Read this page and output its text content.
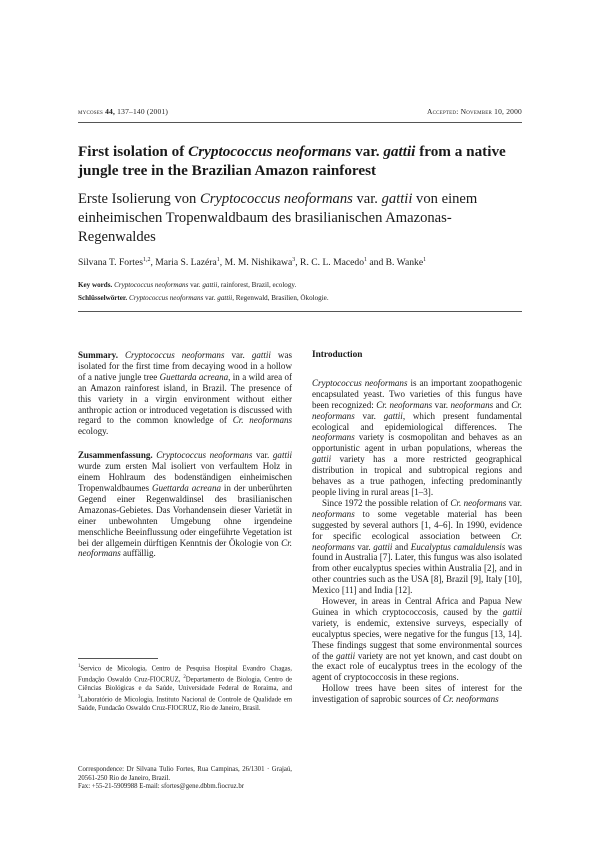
mycoses 44, 137–140 (2001)	Accepted: November 10, 2000
First isolation of Cryptococcus neoformans var. gattii from a native jungle tree in the Brazilian Amazon rainforest
Erste Isolierung von Cryptococcus neoformans var. gattii von einem einheimischen Tropenwaldbaum des brasilianischen Amazonas-Regenwaldes
Silvana T. Fortes$^{1,2}$, Maria S. Lazéra$^1$, M. M. Nishikawa$^3$, R. C. L. Macedo$^1$ and B. Wanke$^1$
Key words. Cryptococcus neoformans var. gattii, rainforest, Brazil, ecology.
Schlüsselwörter. Cryptococcus neoformans var. gattii, Regenwald, Brasilien, Ökologie.

Summary. Cryptococcus neoformans var. gattii was isolated for the first time from decaying wood in a hollow of a native jungle tree Guettarda acreana, in a wild area of an Amazon rainforest island, in Brazil. The presence of this variety in a virgin environment without either anthropic action or introduced vegetation is discussed with regard to the common knowledge of Cr. neoformans ecology.

Zusammenfassung. Cryptococcus neoformans var. gattii wurde zum ersten Mal isoliert von verfaultem Holz in einem Hohlraum des bodenständigen einheimischen Tropenwaldbaumes Guettarda acreana in der unberührten Gegend einer Regenwaldinsel des brasilianischen Amazonas-Gebietes. Das Vorhandensein dieser Varietät in einer unbewohnten Umgebung ohne irgendeine menschliche Beeinflussung oder eingeführte Vegetation ist bei der allgemein dürftigen Kenntnis der Ökologie von Cr. neoformans auffällig.

$^1$Servico de Micologia, Centro de Pesquisa Hospital Evandro Chagas, Fundação Oswaldo Cruz-FIOCRUZ, $^2$Departamento de Biologia, Centro de Ciências Biológicas e da Saúde, Universidade Federal de Roraima, and $^3$Laboratório de Micologia, Instituto Nacional de Controle de Qualidade em Saúde, Fundacão Oswaldo Cruz-FIOCRUZ, Rio de Janeiro, Brasil.
Correspondence: Dr Silvana Tulio Fortes, Rua Campinas, 26/1301 · Grajaú, 20561-250 Rio de Janeiro, Brazil.
Fax: +55-21-5909988 E-mail: sfortes@gene.dbbm.fiocruz.br
Introduction

Cryptococcus neoformans is an important zoopathogenic encapsulated yeast. Two varieties of this fungus have been recognized: Cr. neoformans var. neoformans and Cr. neoformans var. gattii, which present fundamental ecological and epidemiological differences. The neoformans variety is cosmopolitan and behaves as an opportunistic agent in urban populations, whereas the gattii variety has a more restricted geographical distribution in tropical and subtropical regions and behaves as a true pathogen, infecting predominantly people living in rural areas [1–3].

Since 1972 the possible relation of Cr. neoformans var. neoformans to some vegetable material has been suggested by several authors [1, 4–6]. In 1990, evidence for specific ecological association between Cr. neoformans var. gattii and Eucalyptus camaldulensis was found in Australia [7]. Later, this fungus was also isolated from other eucalyptus species within Australia [2], and in other countries such as the USA [8], Brazil [9], Italy [10], Mexico [11] and India [12].

However, in areas in Central Africa and Papua New Guinea in which cryptococcosis, caused by the gattii variety, is endemic, extensive surveys, especially of eucalyptus species, were negative for the fungus [13, 14]. These findings suggest that some environmental sources of the gattii variety are not yet known, and cast doubt on the exact role of eucalyptus trees in the ecology of the agent of cryptococcosis in these regions.

Hollow trees have been sites of interest for the investigation of saprobic sources of Cr. neoformans
